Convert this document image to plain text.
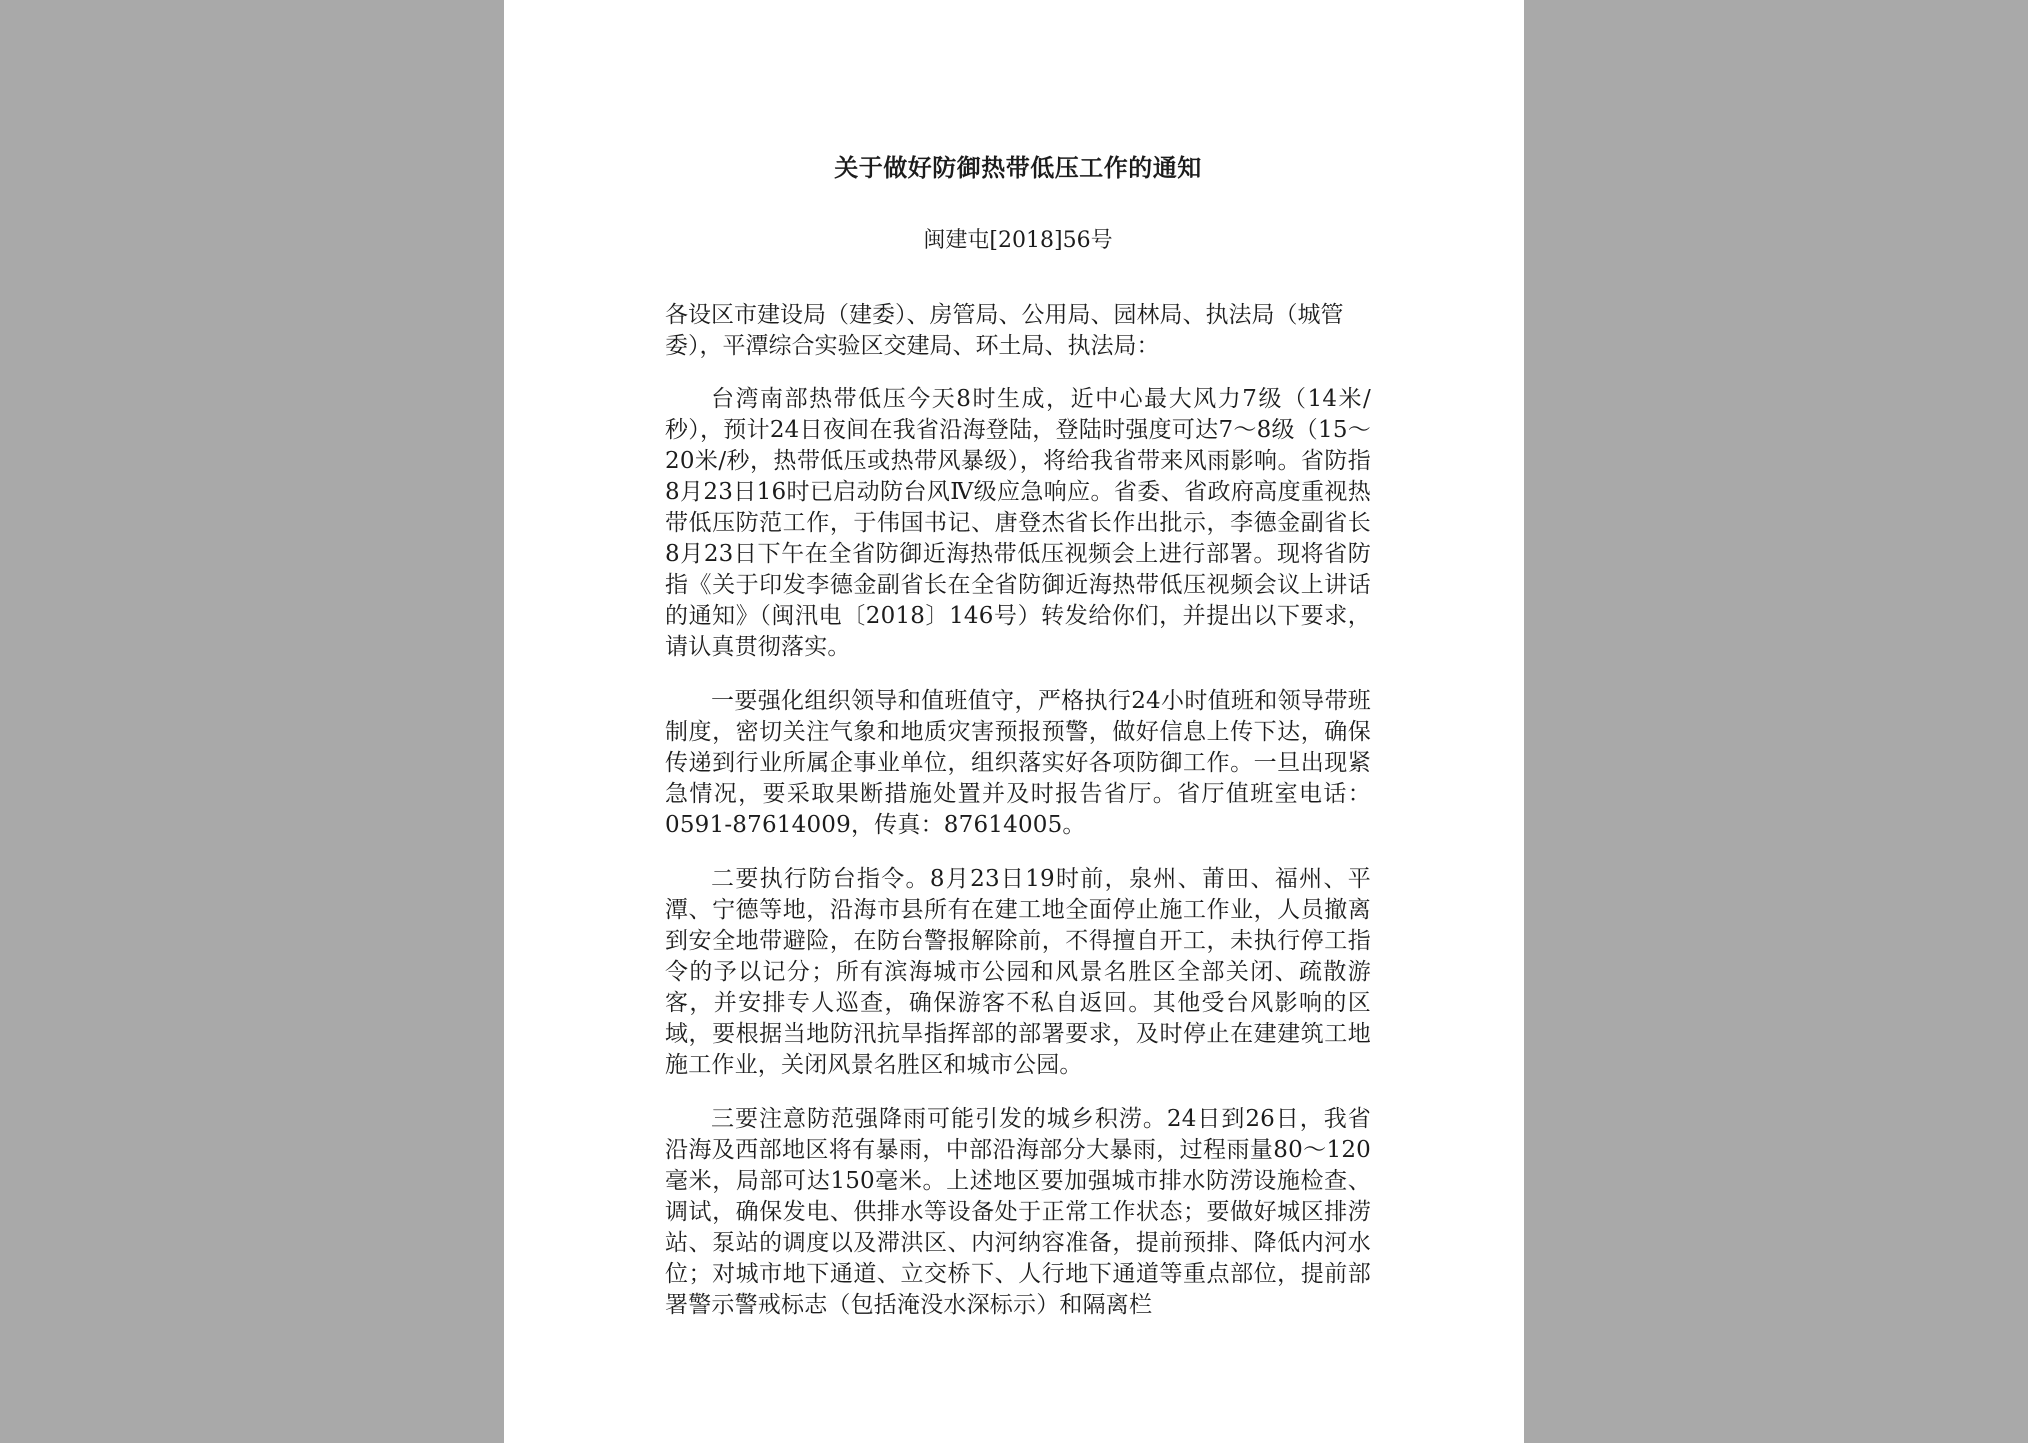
关于做好防御热带低压工作的通知
闽建屯[2018]56号
各设区市建设局（建委）、房管局、公用局、园林局、执法局（城管委），平潭综合实验区交建局、环土局、执法局：

台湾南部热带低压今天8时生成，近中心最大风力7级（14米/秒），预计24日夜间在我省沿海登陆，登陆时强度可达7～8级（15～20米/秒，热带低压或热带风暴级），将给我省带来风雨影响。省防指8月23日16时已启动防台风Ⅳ级应急响应。省委、省政府高度重视热带低压防范工作，于伟国书记、唐登杰省长作出批示，李德金副省长8月23日下午在全省防御近海热带低压视频会上进行部署。现将省防指《关于印发李德金副省长在全省防御近海热带低压视频会议上讲话的通知》（闽汛电〔2018〕146号）转发给你们，并提出以下要求，请认真贯彻落实。

一要强化组织领导和值班值守，严格执行24小时值班和领导带班制度，密切关注气象和地质灾害预报预警，做好信息上传下达，确保传递到行业所属企事业单位，组织落实好各项防御工作。一旦出现紧急情况，要采取果断措施处置并及时报告省厅。省厅值班室电话：0591-87614009，传真：87614005。

二要执行防台指令。8月23日19时前，泉州、莆田、福州、平潭、宁德等地，沿海市县所有在建工地全面停止施工作业，人员撤离到安全地带避险，在防台警报解除前，不得擅自开工，未执行停工指令的予以记分；所有滨海城市公园和风景名胜区全部关闭、疏散游客，并安排专人巡查，确保游客不私自返回。其他受台风影响的区域，要根据当地防汛抗旱指挥部的部署要求，及时停止在建建筑工地施工作业，关闭风景名胜区和城市公园。

三要注意防范强降雨可能引发的城乡积涝。24日到26日，我省沿海及西部地区将有暴雨，中部沿海部分大暴雨，过程雨量80～120毫米，局部可达150毫米。上述地区要加强城市排水防涝设施检查、调试，确保发电、供排水等设备处于正常工作状态；要做好城区排涝站、泵站的调度以及滞洪区、内河纳容准备，提前预排、降低内河水位；对城市地下通道、立交桥下、人行地下通道等重点部位，提前部署警示警戒标志（包括淹没水深标示）和隔离栏
